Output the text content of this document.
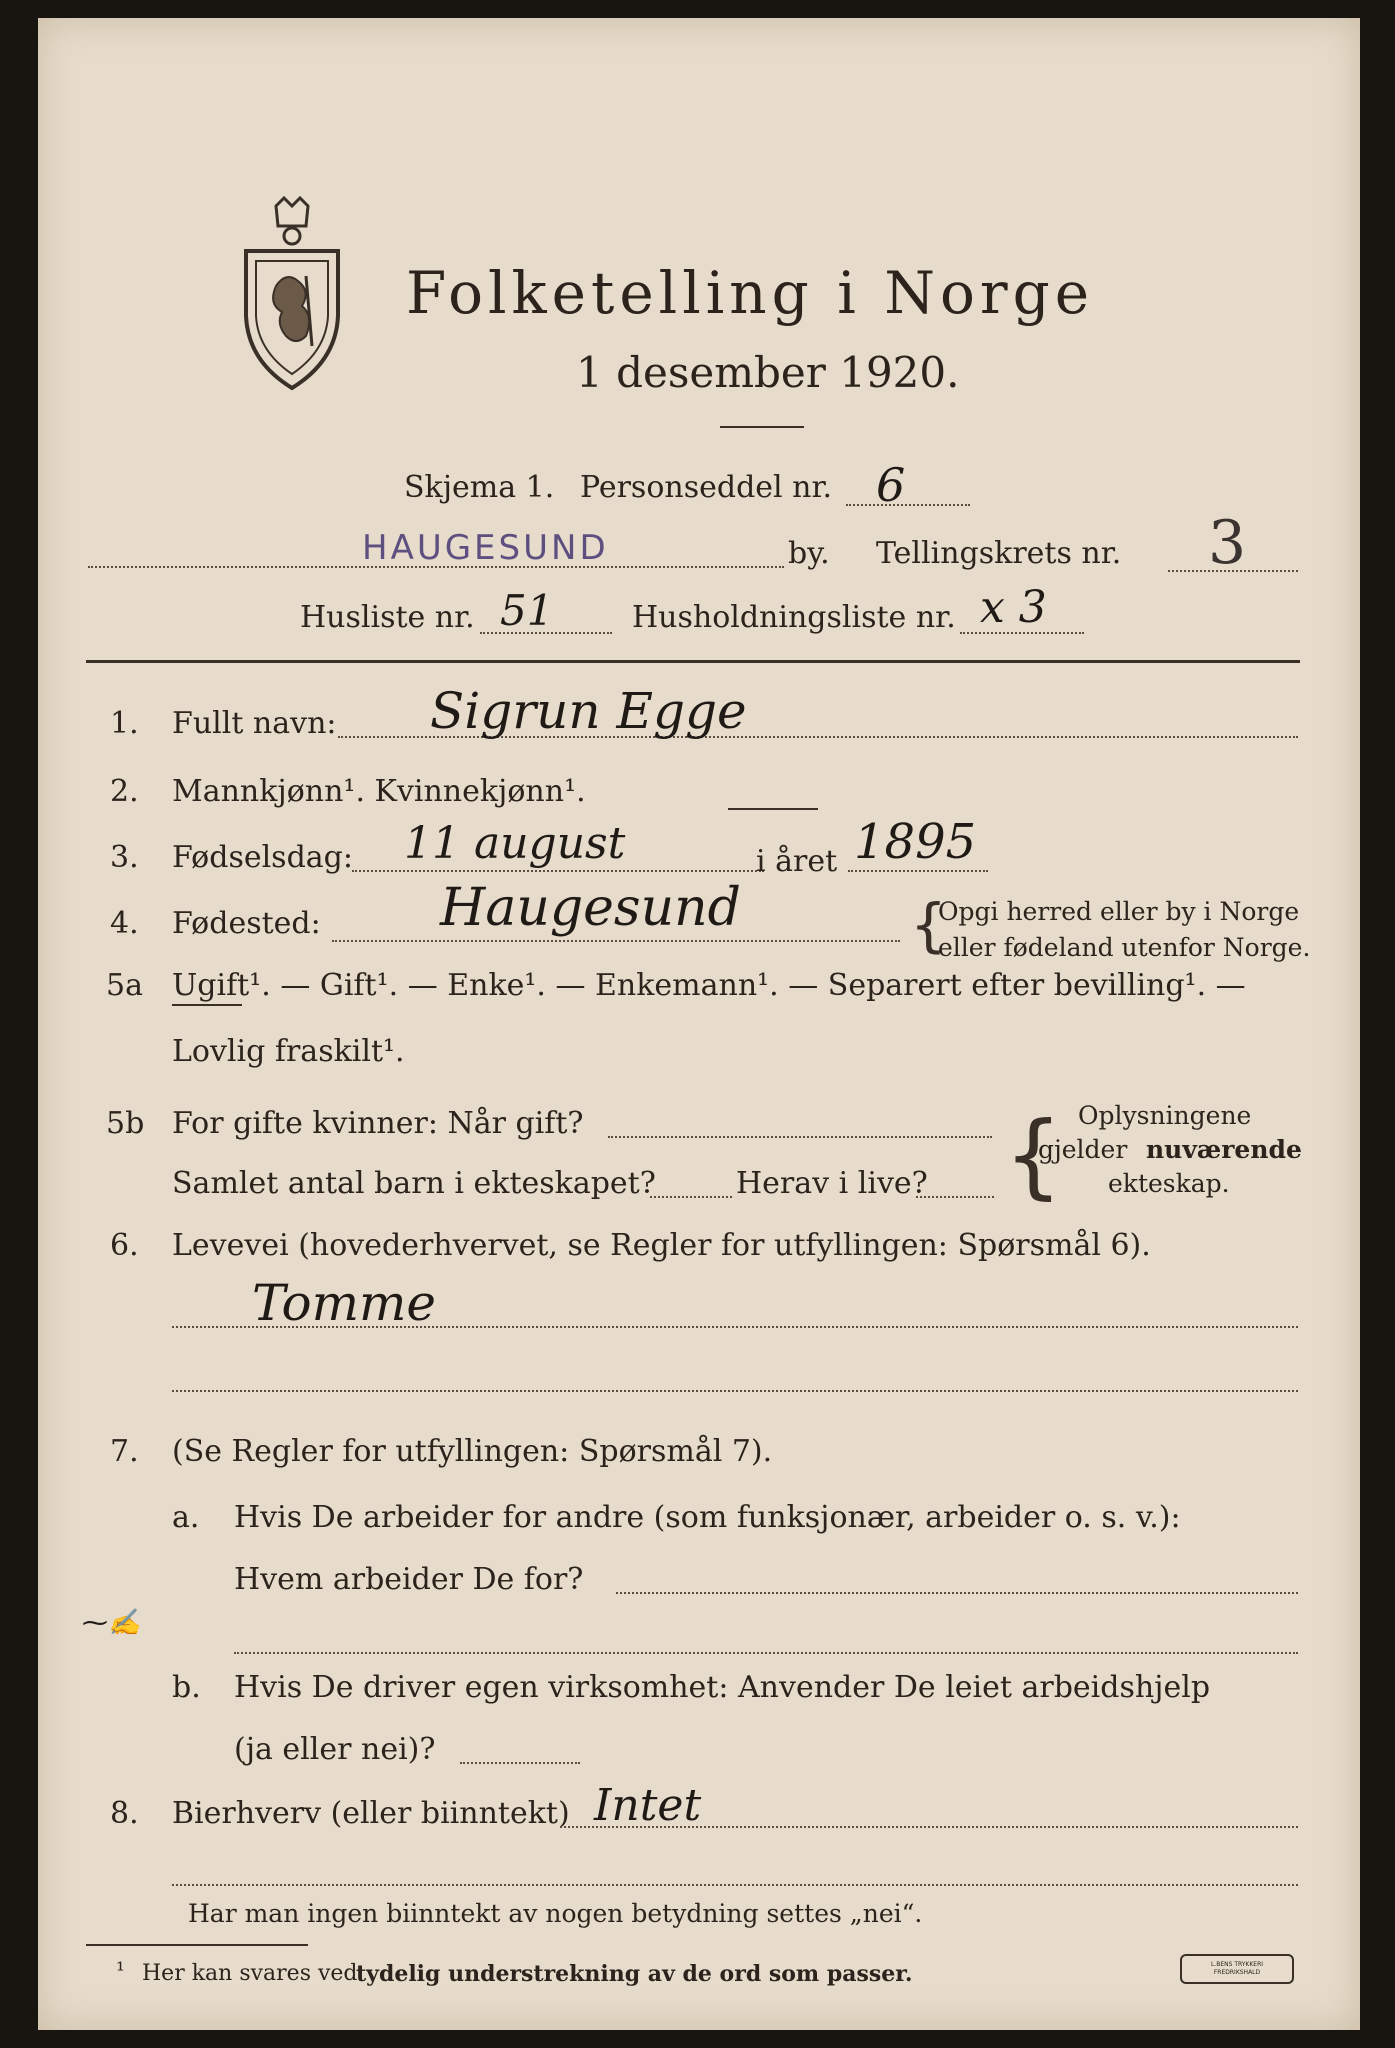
Folketelling i Norge
1 desember 1920.
Skjema 1. Personseddel nr. 6
HAUGESUND	by. Tellingskrets nr. 3
Husliste nr. 51	Husholdningsliste nr. x 3
1. Fullt navn: Sigrun Egge
2. Mannkjønn¹. Kvinnekjønn¹.
3. Fødselsdag: 11 august	i året 1895
4. Fødested: Haugesund	{
Opgi herred eller by i Norge
eller fødeland utenfor Norge.
5a Ugift¹. — Gift¹. — Enke¹. — Enkemann¹. — Separert efter bevilling¹. —
Lovlig fraskilt¹.
5b For gifte kvinner: Når gift?
Samlet antal barn i ekteskapet?	Herav i live? { Oplysningene
gjelder nuværende
ekteskap.
6. Levevei (hovederhvervet, se Regler for utfyllingen: Spørsmål 6).
Tomme
7. (Se Regler for utfyllingen: Spørsmål 7).
a. Hvis De arbeider for andre (som funksjonær, arbeider o. s. v.):
Hvem arbeider De for?
⁓✍
b. Hvis De driver egen virksomhet: Anvender De leiet arbeidshjelp
(ja eller nei)?
8. Bierhverv (eller biinntekt) Intet
Har man ingen biinntekt av nogen betydning settes „nei“.
¹ Her kan svares ved
tydelig understrekning av de ord som passer.	L.BENS TRYKKERI FREDRIKSHALD
